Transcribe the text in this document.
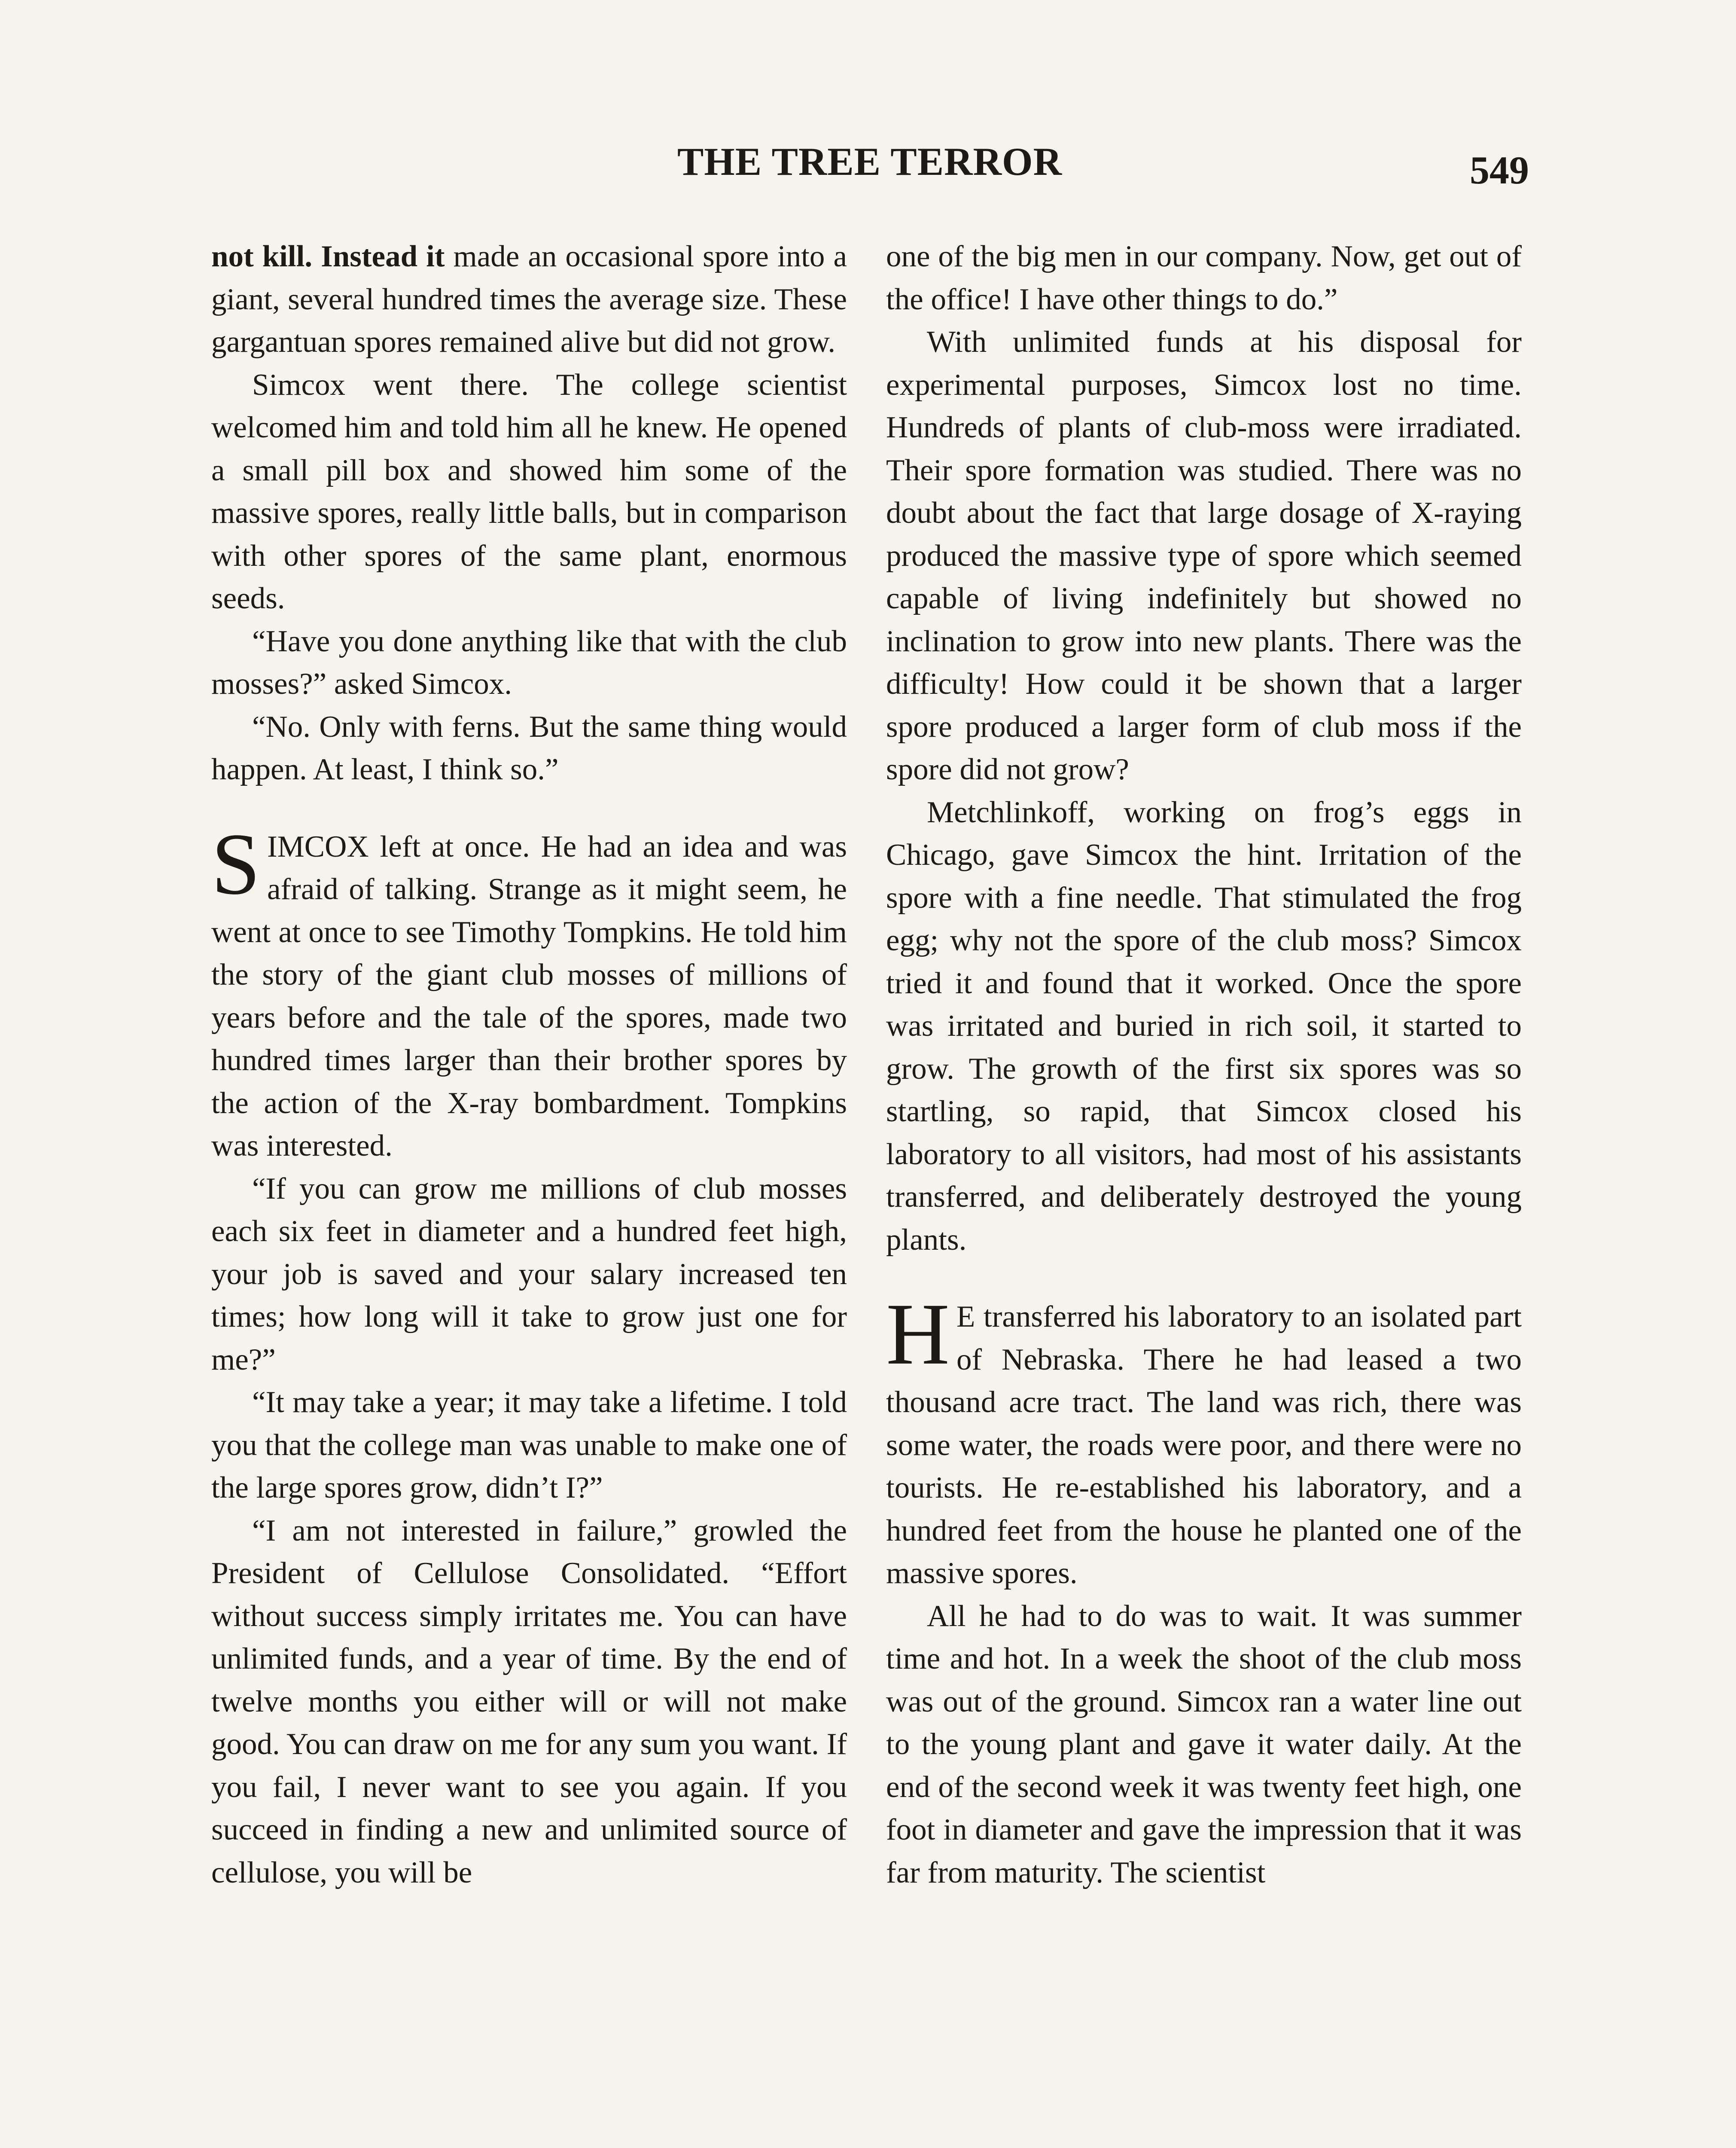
THE TREE TERROR	549

not kill. Instead it made an occasional spore into a giant, several hundred times the average size. These gargantuan spores remained alive but did not grow.

Simcox went there. The college scientist welcomed him and told him all he knew. He opened a small pill box and showed him some of the massive spores, really little balls, but in comparison with other spores of the same plant, enormous seeds.

“Have you done anything like that with the club mosses?” asked Simcox.

“No. Only with ferns. But the same thing would happen. At least, I think so.”

SIMCOX left at once. He had an idea and was afraid of talking. Strange as it might seem, he went at once to see Timothy Tompkins. He told him the story of the giant club mosses of millions of years before and the tale of the spores, made two hundred times larger than their brother spores by the action of the X-ray bombardment. Tompkins was interested.

“If you can grow me millions of club mosses each six feet in diameter and a hundred feet high, your job is saved and your salary increased ten times; how long will it take to grow just one for me?”

“It may take a year; it may take a lifetime. I told you that the college man was unable to make one of the large spores grow, didn’t I?”

“I am not interested in failure,” growled the President of Cellulose Consolidated. “Effort without success simply irritates me. You can have unlimited funds, and a year of time. By the end of twelve months you either will or will not make good. You can draw on me for any sum you want. If you fail, I never want to see you again. If you succeed in finding a new and unlimited source of cellulose, you will be

one of the big men in our company. Now, get out of the office! I have other things to do.”

With unlimited funds at his disposal for experimental purposes, Simcox lost no time. Hundreds of plants of club-moss were irradiated. Their spore formation was studied. There was no doubt about the fact that large dosage of X-raying produced the massive type of spore which seemed capable of living indefinitely but showed no inclination to grow into new plants. There was the difficulty! How could it be shown that a larger spore produced a larger form of club moss if the spore did not grow?

Metchlinkoff, working on frog’s eggs in Chicago, gave Simcox the hint. Irritation of the spore with a fine needle. That stimulated the frog egg; why not the spore of the club moss? Simcox tried it and found that it worked. Once the spore was irritated and buried in rich soil, it started to grow. The growth of the first six spores was so startling, so rapid, that Simcox closed his laboratory to all visitors, had most of his assistants transferred, and deliberately destroyed the young plants.

H E transferred his laboratory to an isolated part of Nebraska. There he had leased a two thousand acre tract. The land was rich, there was some water, the roads were poor, and there were no tourists. He re-established his laboratory, and a hundred feet from the house he planted one of the massive spores.

All he had to do was to wait. It was summer time and hot. In a week the shoot of the club moss was out of the ground. Simcox ran a water line out to the young plant and gave it water daily. At the end of the second week it was twenty feet high, one foot in diameter and gave the impression that it was far from maturity. The scientist
